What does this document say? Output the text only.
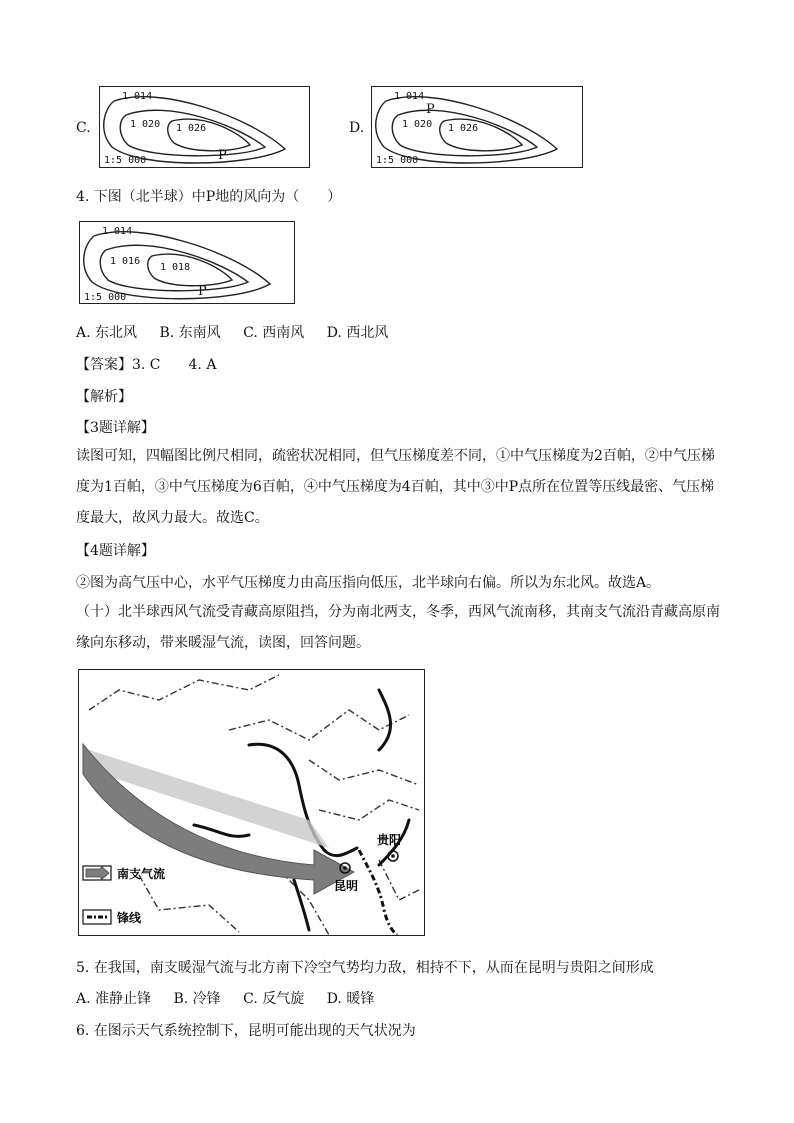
C.
1 014
1 020 1 026
P
1:5 000
D.
1 014
P
1 020 1 026
1:5 000
4. 下图（北半球）中P地的风向为（　　）
1 014
1 016
1 018
P
1:5 000
A. 东北风 B. 东南风 C. 西南风 D. 西北风
【答案】3. C　　4. A
【解析】
【3题详解】
读图可知，四幅图比例尺相同，疏密状况相同，但气压梯度差不同，①中气压梯度为2百帕，②中气压梯度为1百帕，③中气压梯度为6百帕，④中气压梯度为4百帕，其中③中P点所在位置等压线最密、气压梯度最大，故风力最大。故选C。
【4题详解】
②图为高气压中心，水平气压梯度力由高压指向低压，北半球向右偏。所以为东北风。故选A。
（十）北半球西风气流受青藏高原阻挡，分为南北两支，冬季，西风气流南移，其南支气流沿青藏高原南缘向东移动，带来暖湿气流，读图，回答问题。
贵阳
昆明
南支气流
锋线
5. 在我国，南支暖湿气流与北方南下冷空气势均力敌，相持不下，从而在昆明与贵阳之间形成
A. 准静止锋 B. 冷锋 C. 反气旋 D. 暖锋
6. 在图示天气系统控制下，昆明可能出现的天气状况为
